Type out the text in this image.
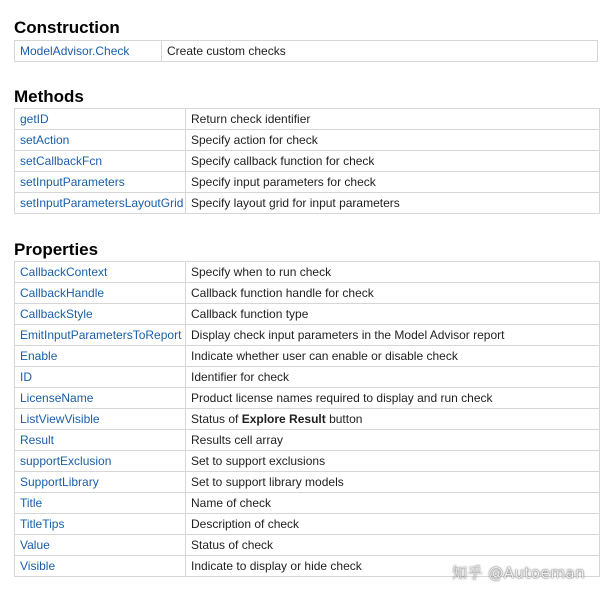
Construction
ModelAdvisor.Check	Create custom checks
Methods
getID	Return check identifier
setAction	Specify action for check
setCallbackFcn	Specify callback function for check
setInputParameters	Specify input parameters for check
setInputParametersLayoutGrid	Specify layout grid for input parameters
Properties
CallbackContext	Specify when to run check
CallbackHandle	Callback function handle for check
CallbackStyle	Callback function type
EmitInputParametersToReport	Display check input parameters in the Model Advisor report
Enable	Indicate whether user can enable or disable check
ID	Identifier for check
LicenseName	Product license names required to display and run check
ListViewVisible	Status of Explore Result button
Result	Results cell array
supportExclusion	Set to support exclusions
SupportLibrary	Set to support library models
Title	Name of check
TitleTips	Description of check
Value	Status of check
Visible	Indicate to display or hide check	知乎 @Autoeman
